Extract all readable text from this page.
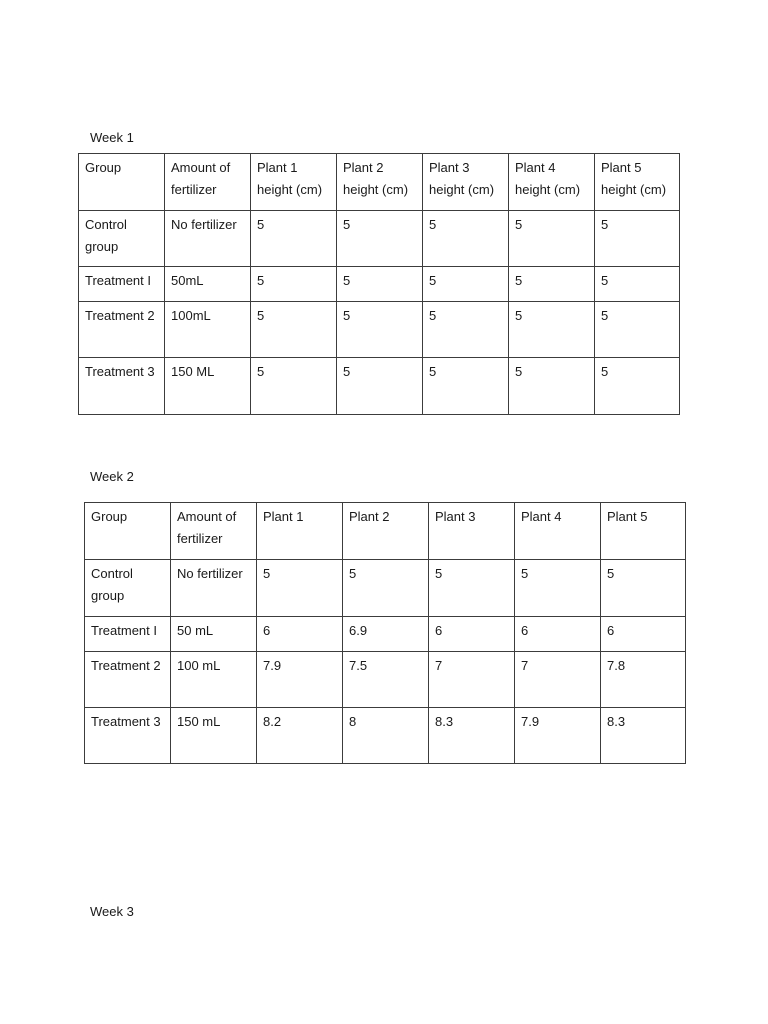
Week 1
Group	Amount of fertilizer	Plant 1 height (cm)	Plant 2 height (cm)	Plant 3 height (cm)	Plant 4 height (cm)	Plant 5 height (cm)
Control group	No fertilizer	5	5	5	5	5
Treatment I	50mL	5	5	5	5	5
Treatment 2	100mL	5	5	5	5	5
Treatment 3	150 ML	5	5	5	5	5
Week 2
Group	Amount of fertilizer	Plant 1	Plant 2	Plant 3	Plant 4	Plant 5
Control group	No fertilizer	5	5	5	5	5
Treatment I	50 mL	6	6.9	6	6	6
Treatment 2	100 mL	7.9	7.5	7	7	7.8
Treatment 3	150 mL	8.2	8	8.3	7.9	8.3
Week 3
